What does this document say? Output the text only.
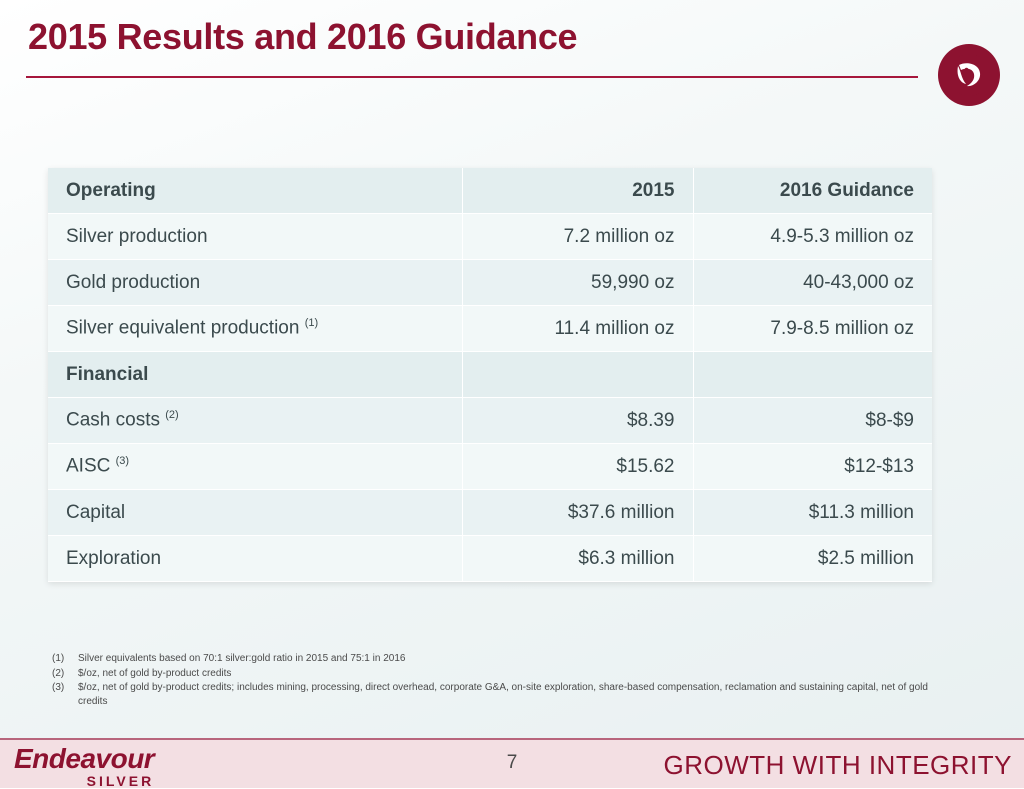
2015 Results and 2016 Guidance
Operating	2015	2016 Guidance
Silver production	7.2 million oz	4.9-5.3 million oz
Gold production	59,990 oz	40-43,000 oz
Silver equivalent production $^{(1)}$	11.4 million oz	7.9-8.5 million oz
Financial		
Cash costs $^{(2)}$	$8.39	$8-$9
AISC $^{(3)}$	$15.62	$12-$13
Capital	$37.6 million	$11.3 million
Exploration	$6.3 million	$2.5 million
(1)	Silver equivalents based on 70:1 silver:gold ratio in 2015 and 75:1 in 2016
(2)	$/oz, net of gold by-product credits
(3)	$/oz, net of gold by-product credits; includes mining, processing, direct overhead, corporate G&A, on-site exploration, share-based compensation, reclamation and sustaining capital, net of gold credits
Endeavour
SILVER
7	GROWTH WITH INTEGRITY
